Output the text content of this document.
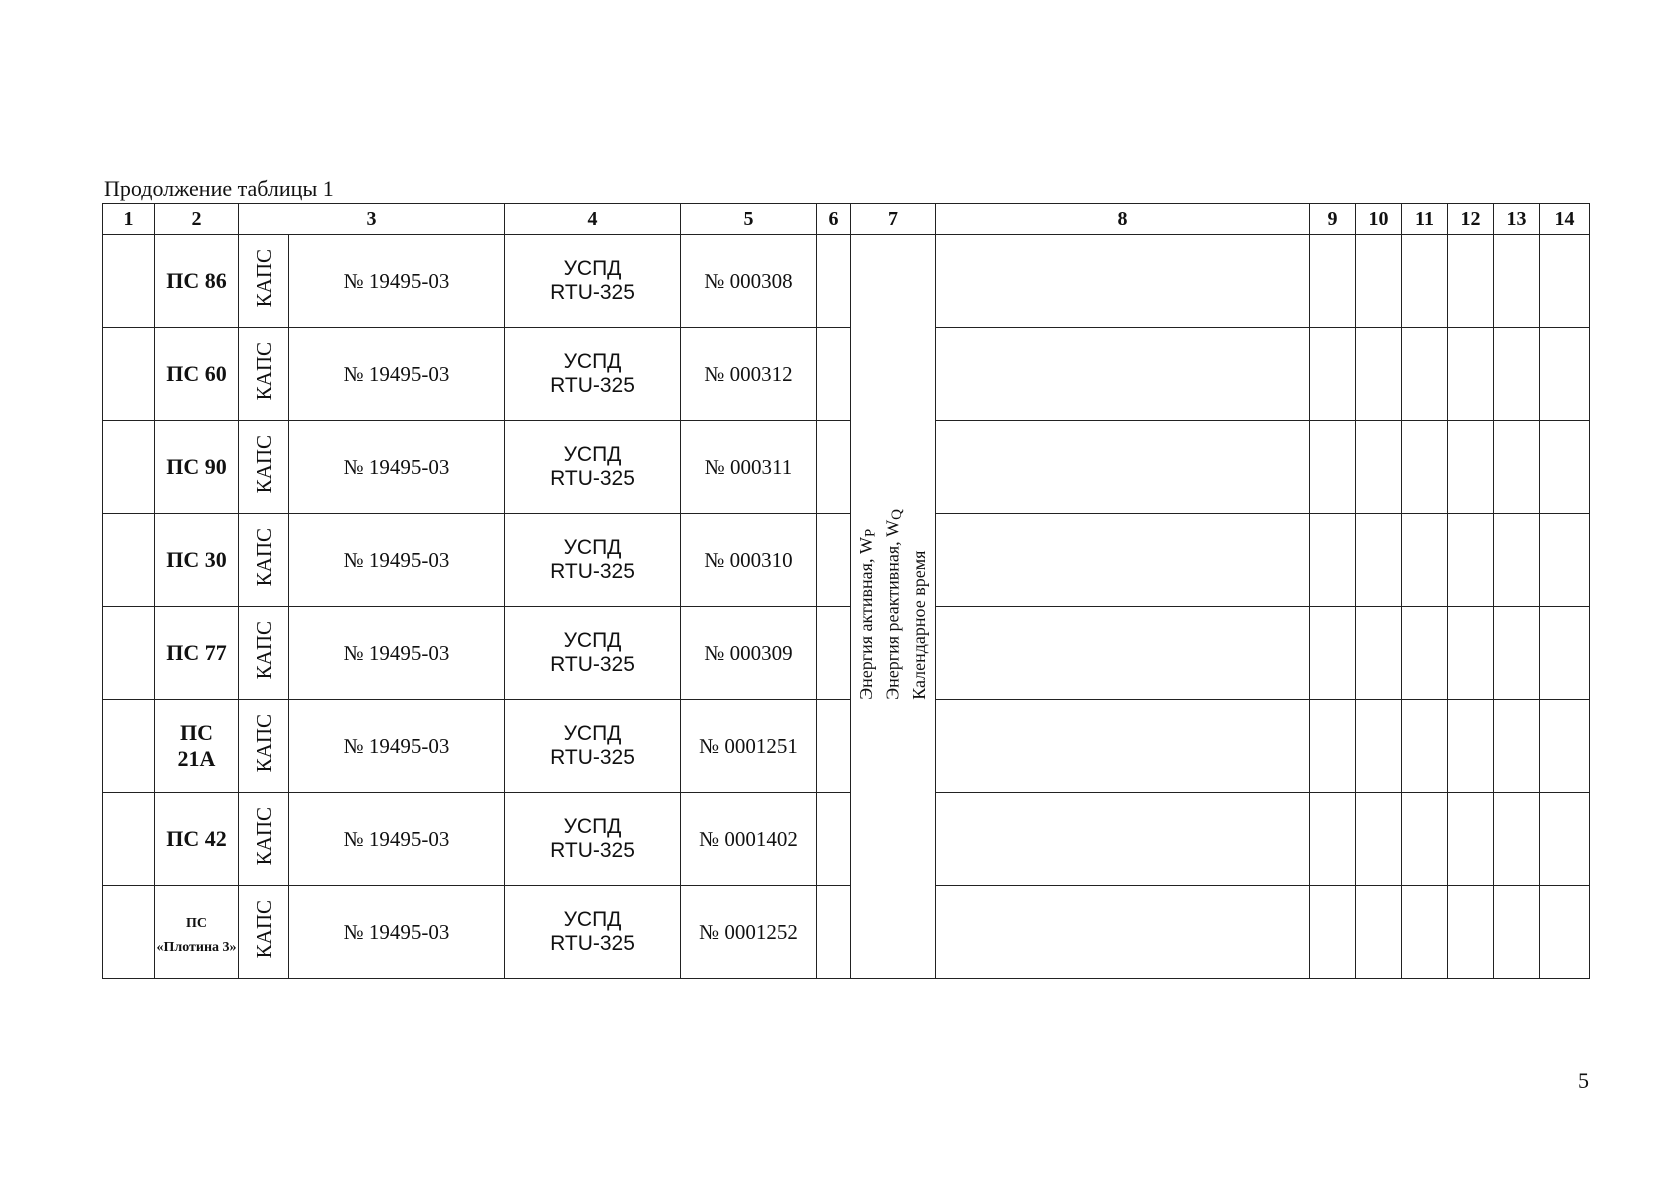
Продолжение таблицы 1
1	2	3		4	5	6	7	8	9	10	11	12	13	14
	ПС 86	КАПС	№ 19495-03	УСПД
RTU-325	№ 000308		Энергия активная, $W_P$ Энергия реактивная, $W_Q$
Календарное время							
	ПС 60	КАПС	№ 19495-03	УСПД
RTU-325	№ 000312									
	ПС 90	КАПС	№ 19495-03	УСПД
RTU-325	№ 000311									
	ПС 30	КАПС	№ 19495-03	УСПД
RTU-325	№ 000310									
	ПС 77	КАПС	№ 19495-03	УСПД
RTU-325	№ 000309									
	ПС
21А	КАПС	№ 19495-03	УСПД
RTU-325	№ 0001251									
	ПС 42	КАПС	№ 19495-03	УСПД
RTU-325	№ 0001402									
	ПС
«Плотина 3»	КАПС	№ 19495-03	УСПД
RTU-325	№ 0001252									
5
